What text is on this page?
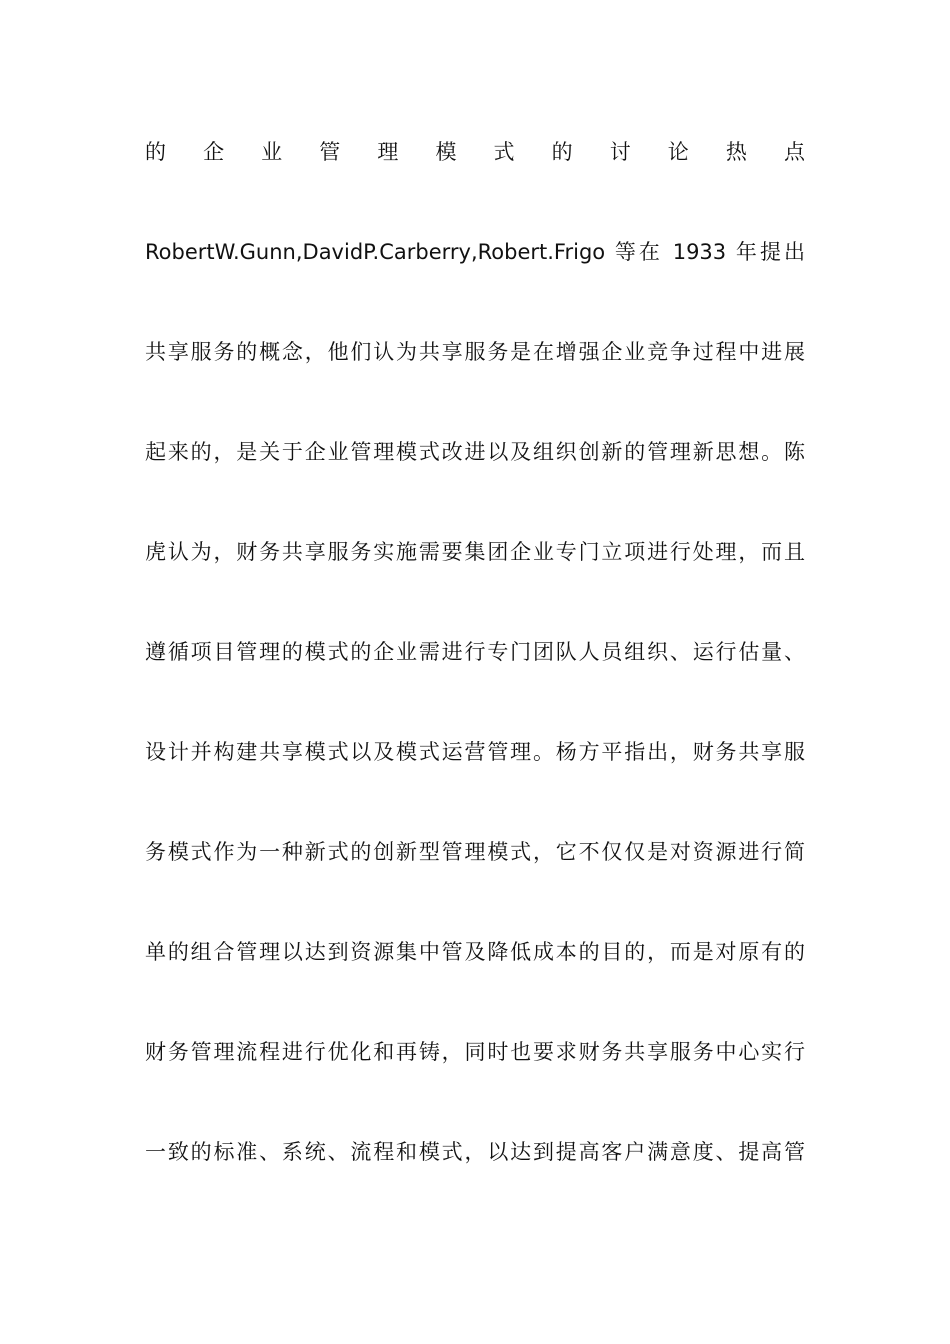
的 企 业 管 理 模 式 的 讨 论 热 点
RobertW.Gunn,DavidP.Carberry,Robert.Frigo 等在 1933 年提出
共享服务的概念，他们认为共享服务是在增强企业竞争过程中进展
起来的，是关于企业管理模式改进以及组织创新的管理新思想。陈
虎认为，财务共享服务实施需要集团企业专门立项进行处理，而且
遵循项目管理的模式的企业需进行专门团队人员组织、运行估量、
设计并构建共享模式以及模式运营管理。杨方平指出，财务共享服
务模式作为一种新式的创新型管理模式，它不仅仅是对资源进行简
单的组合管理以达到资源集中管及降低成本的目的，而是对原有的
财务管理流程进行优化和再铸，同时也要求财务共享服务中心实行
一致的标准、系统、流程和模式，以达到提高客户满意度、提高管
